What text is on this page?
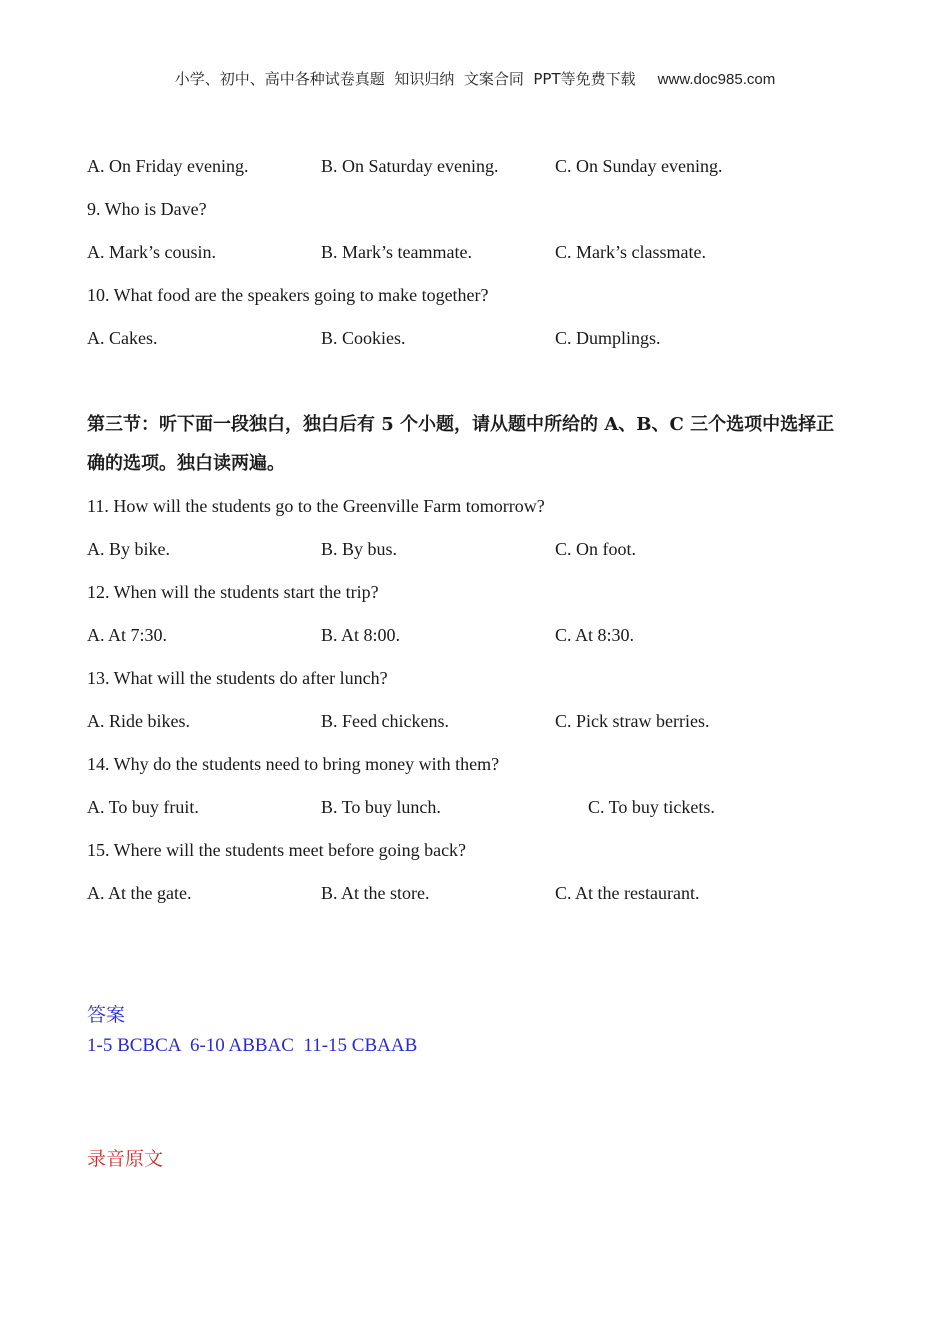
小学、初中、高中各种试卷真题  知识归纳  文案合同  PPT等免费下载 www.doc985.com
A. On Friday evening.	B. On Saturday evening.	C. On Sunday evening.
9. Who is Dave?
A. Mark’s cousin.	B. Mark’s teammate.	C. Mark’s classmate.
10. What food are the speakers going to make together?
A. Cakes.	B. Cookies.	C. Dumplings.
第三节：听下面一段独白，独白后有 5 个小题，请从题中所给的 A、B、C 三个选项中选择正
确的选项。独白读两遍。
11. How will the students go to the Greenville Farm tomorrow?
A. By bike.	B. By bus.	C. On foot.
12. When will the students start the trip?
A. At 7:30.	B. At 8:00.	C. At 8:30.
13. What will the students do after lunch?
A. Ride bikes.	B. Feed chickens.	C. Pick straw berries.
14. Why do the students need to bring money with them?
A. To buy fruit.	B. To buy lunch.	C. To buy tickets.
15. Where will the students meet before going back?
A. At the gate.	B. At the store.	C. At the restaurant.
答案
1-5 BCBCA  6-10 ABBAC  11-15 CBAAB
录音原文
